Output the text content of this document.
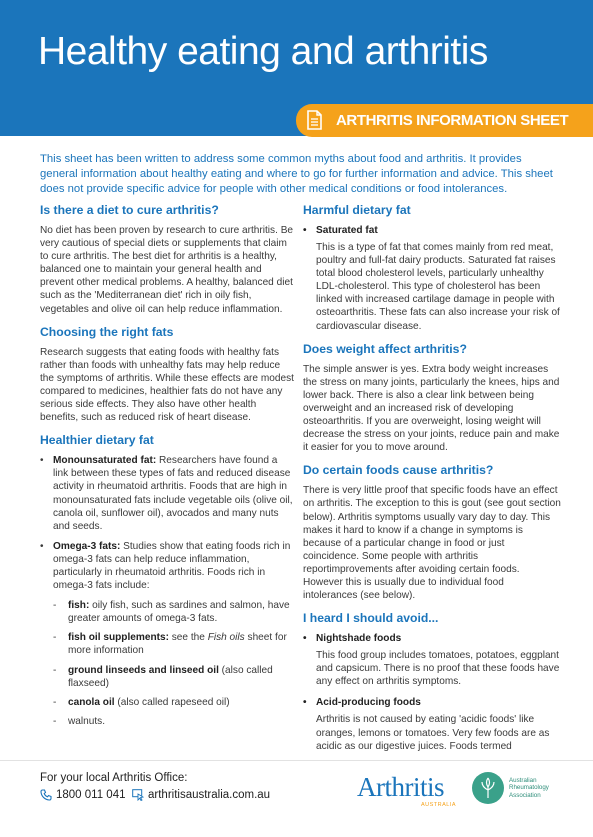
Healthy eating and arthritis
ARTHRITIS INFORMATION SHEET
This sheet has been written to address some common myths about food and arthritis. It provides general information about healthy eating and where to go for further information and advice. This sheet does not provide specific advice for people with other medical conditions or food intolerances.
Is there a diet to cure arthritis?

No diet has been proven by research to cure arthritis. Be very cautious of special diets or supplements that claim to cure arthritis. The best diet for arthritis is a healthy, balanced one to maintain your general health and prevent other medical problems. A healthy, balanced diet such as the 'Mediterranean diet' rich in oily fish, vegetables and olive oil can help reduce inflammation.

Choosing the right fats

Research suggests that eating foods with healthy fats rather than foods with unhealthy fats may help reduce the symptoms of arthritis. While these effects are modest compared to medicines, healthier fats do not have any serious side effects. They also have other health benefits, such as reduced risk of heart disease.

Healthier dietary fat
• Monounsaturated fat: Researchers have found a link between these types of fats and reduced disease activity in rheumatoid arthritis. Foods that are high in monounsaturated fats include vegetable oils (olive oil, canola oil, sunflower oil), avocados and many nuts and seeds.
• Omega-3 fats: Studies show that eating foods rich in omega-3 fats can help reduce inflammation, particularly in rheumatoid arthritis. Foods rich in omega-3 fats include:
- fish: oily fish, such as sardines and salmon, have greater amounts of omega-3 fats.
- fish oil supplements: see the Fish oils sheet for more information
- ground linseeds and linseed oil (also called flaxseed)
- canola oil (also called rapeseed oil)
- walnuts.
Harmful dietary fat
• Saturated fat
This is a type of fat that comes mainly from red meat, poultry and full-fat dairy products. Saturated fat raises total blood cholesterol levels, particularly unhealthy LDL-cholesterol. This type of cholesterol has been linked with increased cartilage damage in people with osteoarthritis. These fats can also increase your risk of cardiovascular disease.
Does weight affect arthritis?

The simple answer is yes. Extra body weight increases the stress on many joints, particularly the knees, hips and lower back. There is also a clear link between being overweight and an increased risk of developing osteoarthritis. If you are overweight, losing weight will decrease the stress on your joints, reduce pain and make it easier for you to move around.

Do certain foods cause arthritis?

There is very little proof that specific foods have an effect on arthritis. The exception to this is gout (see gout section below). Arthritis symptoms usually vary day to day. This makes it hard to know if a change in symptoms is because of a particular change in food or just coincidence. Some people with arthritis reportimprovements after avoiding certain foods. However this is usually due to individual food intolerances (see below).

I heard I should avoid...
• Nightshade foods
This food group includes tomatoes, potatoes, eggplant and capsicum. There is no proof that these foods have any effect on arthritis symptoms.
• Acid-producing foods
Arthritis is not caused by eating 'acidic foods' like oranges, lemons or tomatoes. Very few foods are as acidic as our digestive juices. Foods termed
For your local Arthritis Office:
1800 011 041 arthritisaustralia.com.au	Arthritis
AUSTRALIA
Australian
Rheumatology
Association
